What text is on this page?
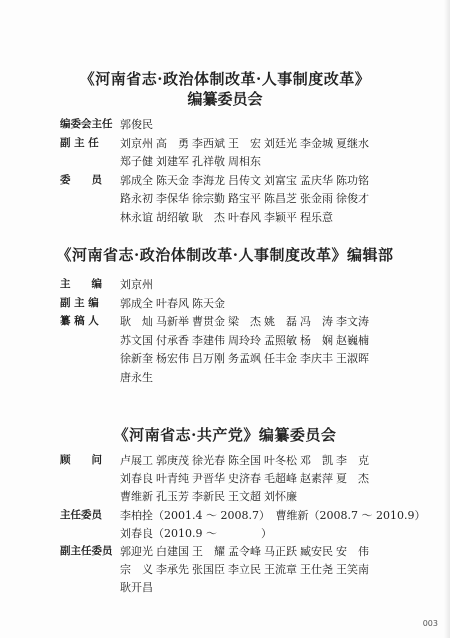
《河南省志·政治体制改革·人事制度改革》
编纂委员会
编委会主任 郭俊民
副 主 任	刘京州 高　勇 李西斌 王　宏 刘廷光 李金城 夏继水
郑子健 刘建军 孔祥敬 周相东
委　　员	郭成全 陈天金 李海龙 吕传文 刘富宝 孟庆华 陈功铭
路永初 李保华 徐宗勤 路宝平 陈昌芝 张金雨 徐俊才
林永谊 胡绍敏 耿　杰 叶春风 李颖平 程乐意
《河南省志·政治体制改革·人事制度改革》编辑部
主　　编	刘京州
副 主 编	郭成全 叶春风 陈天金
纂 稿 人	耿　灿 马新举 曹贯金 梁　杰 姚　磊 冯　涛 李文涛
苏文国 付承香 李建伟 周玲玲 孟照敏 杨　娴 赵巍楠
徐新奎 杨宏伟 吕万刚 务孟飒 任丰金 李庆丰 王淑晖
唐永生
《河南省志·共产党》编纂委员会
顾　　问	卢展工 郭庚茂 徐光春 陈全国 叶冬松 邓　凯 李　克
刘春良 叶青纯 尹晋华 史济春 毛超峰 赵素萍 夏　杰
曹维新 孔玉芳 李新民 王文超 刘怀廉
主任委员	李柏拴（2001.4 ～ 2008.7）　曹维新（2008.7 ～ 2010.9）
刘春良（2010.9 ～　　　　）
副主任委员 郭迎光 白建国 王　耀 孟令峰 马正跃 臧安民 安　伟
宗　义 李承先 张国臣 李立民 王流章 王仕尧 王笑南
耿开昌
003
